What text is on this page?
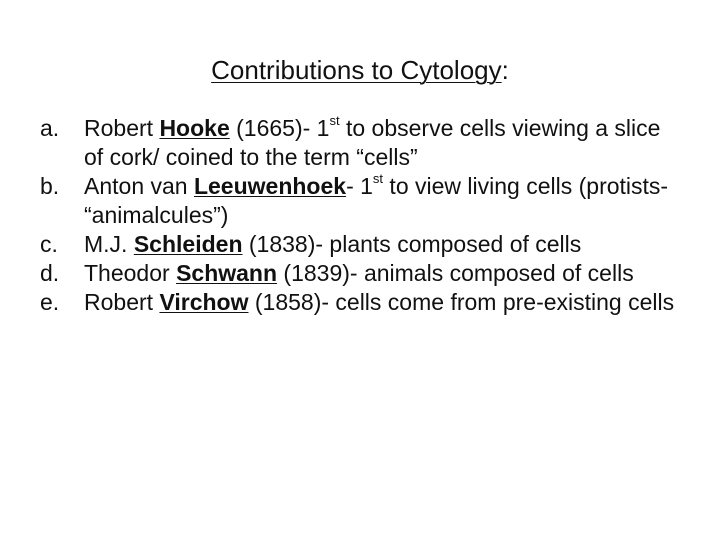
Contributions to Cytology:
a.	Robert Hooke (1665)- 1st to observe cells viewing a slice of cork/ coined to the term “cells”
b.	Anton van Leeuwenhoek- 1st to view living cells (protists- “animalcules”)
c.	M.J. Schleiden (1838)- plants composed of cells
d.	Theodor Schwann (1839)- animals composed of cells
e.	Robert Virchow (1858)- cells come from pre-existing cells
